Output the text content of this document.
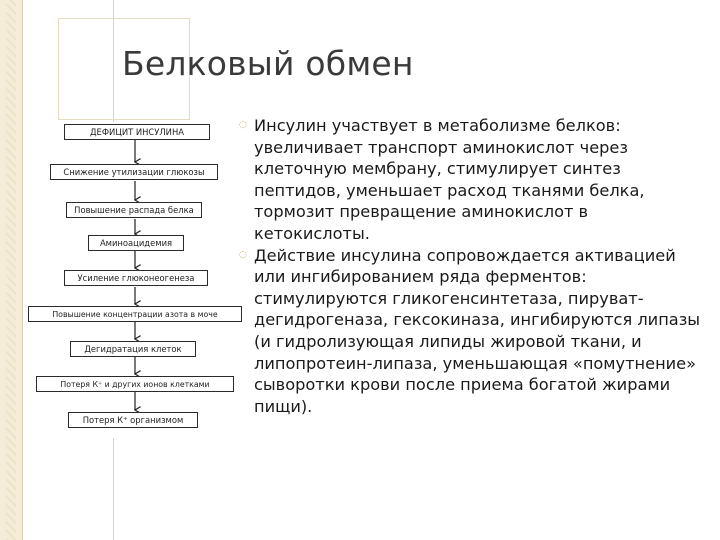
Белковый обмен
ДЕФИЦИТ ИНСУЛИНА
Снижение утилизации глюкозы
Повышение распада белка
Аминоацидемия
Усиление глюконеогенеза
Повышение концентрации азота в моче
Дегидратация клеток
Потеря К⁺ и других ионов клетками
Потеря К⁺ организмом

◌ Инсулин участвует в метаболизме белков: увеличивает транспорт аминокислот через клеточную мембрану, стимулирует синтез пептидов, уменьшает расход тканями белка, тормозит превращение аминокислот в кетокислоты.

◌ Действие инсулина сопровождается активацией или ингибированием ряда ферментов: стимулируются гликогенсинтетаза, пируват-дегидрогеназа, гексокиназа, ингибируются липазы (и гидролизующая липиды жировой ткани, и липопротеин-липаза, уменьшающая «помутнение» сыворотки крови после приема богатой жирами пищи).
